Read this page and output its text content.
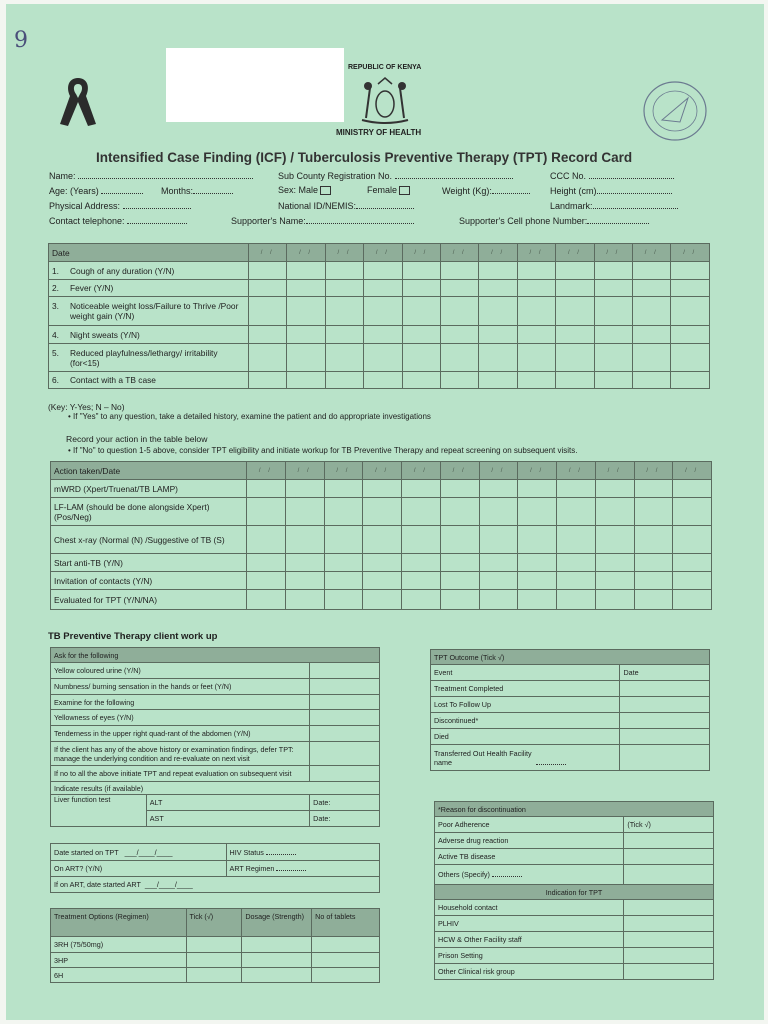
9
REPUBLIC OF KENYA
MINISTRY OF HEALTH
Intensified Case Finding (ICF) / Tuberculosis Preventive Therapy (TPT) Record Card
Name:	Sub County Registration No.	CCC No.
Age: (Years)	Months:	Sex: Male	Female	Weight (Kg):	Height (cm)
Physical Address:	National ID/NEMIS:	Landmark:
Contact telephone:	Supporter's Name:	Supporter's Cell phone Number:
Date	/ /	/ /	/ /	/ /	/ /	/ /	/ /	/ /	/ /	/ /	/ /	/ /
1. Cough of any duration (Y/N)												
2. Fever (Y/N)												
3. Noticeable weight loss/Failure to Thrive /Poor weight gain (Y/N)												
4. Night sweats (Y/N)												
5. Reduced playfulness/lethargy/ irritability (for<15)												
6. Contact with a TB case												
(Key: Y-Yes; N – No)
• If "Yes" to any question, take a detailed history, examine the patient and do appropriate investigations
Record your action in the table below
• If "No" to question 1-5 above, consider TPT eligibility and initiate workup for TB Preventive Therapy and repeat screening on subsequent visits.
Action taken/Date	/ /	/ /	/ /	/ /	/ /	/ /	/ /	/ /	/ /	/ /	/ /	/ /
mWRD (Xpert/Truenat/TB LAMP)												
LF-LAM (should be done alongside Xpert) (Pos/Neg)												
Chest x-ray (Normal (N) /Suggestive of TB (S)												
Start anti-TB (Y/N)												
Invitation of contacts (Y/N)												
Evaluated for TPT (Y/N/NA)												
TB Preventive Therapy client work up
Ask for the following		
Yellow coloured urine (Y/N)		
Numbness/ burning sensation in the hands or feet (Y/N)		
Examine for the following		
Yellowness of eyes (Y/N)		
Tenderness in the upper right quad-rant of the abdomen (Y/N)		
If the client has any of the above history or examination findings, defer TPT: manage the underlying condition and re-evaluate on next visit		
If no to all the above initiate TPT and repeat evaluation on subsequent visit		
Indicate results (if available)		
Liver function test	ALT	Date:
	AST	Date:
Date started on TPT ___/____/____	HIV Status
On ART? (Y/N)	ART Regimen
If on ART, date started ART ___/____/____	
Treatment Options (Regimen)	Tick (√)	Dosage (Strength)	No of tablets
3RH (75/50mg)			
3HP			
6H			
TPT Outcome (Tick √)	
Event	Date
Treatment Completed	
Lost To Follow Up	
Discontinued*	
Died	
Transferred Out Health Facility name	
*Reason for discontinuation	
Poor Adherence	(Tick √)
Adverse drug reaction	
Active TB disease	
Others (Specify)	
Indication for TPT	
Household contact	
PLHIV	
HCW & Other Facility staff	
Prison Setting	
Other Clinical risk group	
